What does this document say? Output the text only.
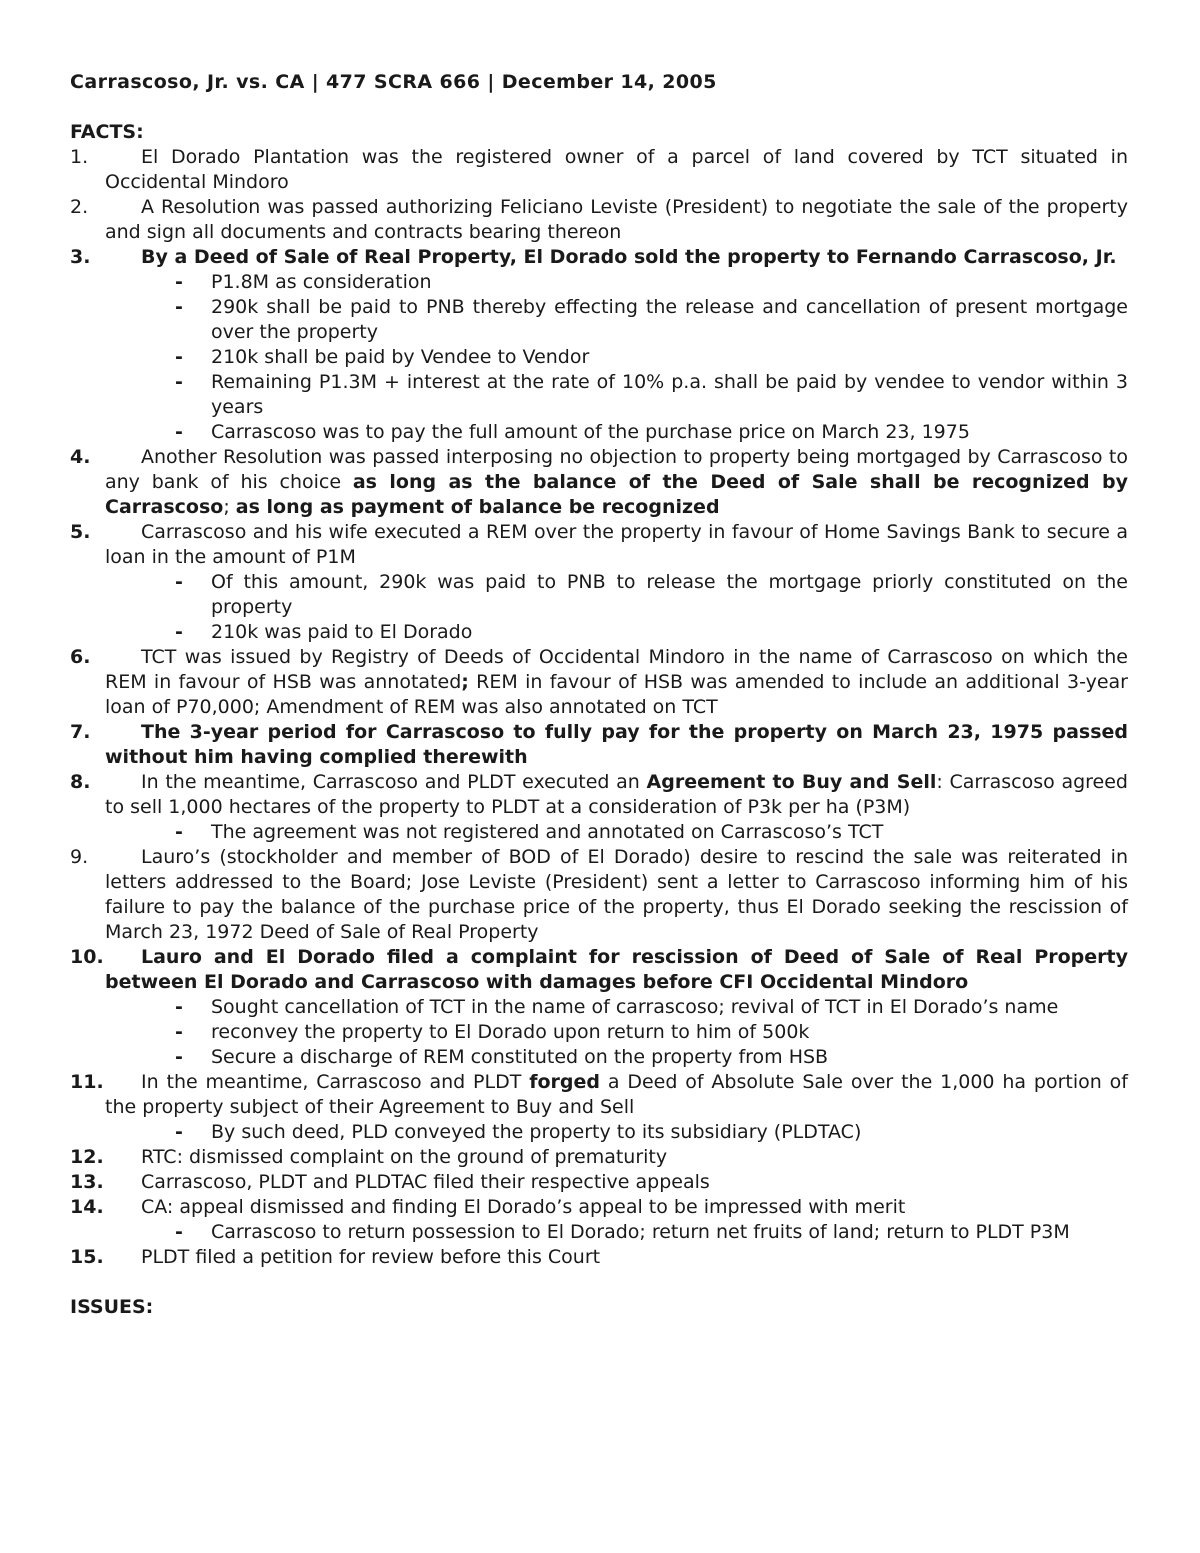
Carrascoso, Jr. vs. CA | 477 SCRA 666 | December 14, 2005
FACTS:
1.	El Dorado Plantation was the registered owner of a parcel of land covered by TCT situated in Occidental Mindoro
2.	A Resolution was passed authorizing Feliciano Leviste (President) to negotiate the sale of the property and sign all documents and contracts bearing thereon
3.	By a Deed of Sale of Real Property, El Dorado sold the property to Fernando Carrascoso, Jr.
- P1.8M as consideration
- 290k shall be paid to PNB thereby effecting the release and cancellation of present mortgage over the property
- 210k shall be paid by Vendee to Vendor
- Remaining P1.3M + interest at the rate of 10% p.a. shall be paid by vendee to vendor within 3 years
- Carrascoso was to pay the full amount of the purchase price on March 23, 1975
4.	Another Resolution was passed interposing no objection to property being mortgaged by Carrascoso to any bank of his choice as long as the balance of the Deed of Sale shall be recognized by Carrascoso; as long as payment of balance be recognized
5.	Carrascoso and his wife executed a REM over the property in favour of Home Savings Bank to secure a loan in the amount of P1M
- Of this amount, 290k was paid to PNB to release the mortgage priorly constituted on the property
- 210k was paid to El Dorado
6.	TCT was issued by Registry of Deeds of Occidental Mindoro in the name of Carrascoso on which the REM in favour of HSB was annotated; REM in favour of HSB was amended to include an additional 3-year loan of P70,000; Amendment of REM was also annotated on TCT
7.	The 3-year period for Carrascoso to fully pay for the property on March 23, 1975 passed without him having complied therewith
8.	In the meantime, Carrascoso and PLDT executed an Agreement to Buy and Sell: Carrascoso agreed to sell 1,000 hectares of the property to PLDT at a consideration of P3k per ha (P3M)
- The agreement was not registered and annotated on Carrascoso’s TCT
9.	Lauro’s (stockholder and member of BOD of El Dorado) desire to rescind the sale was reiterated in letters addressed to the Board; Jose Leviste (President) sent a letter to Carrascoso informing him of his failure to pay the balance of the purchase price of the property, thus El Dorado seeking the rescission of March 23, 1972 Deed of Sale of Real Property
10.	Lauro and El Dorado filed a complaint for rescission of Deed of Sale of Real Property between El Dorado and Carrascoso with damages before CFI Occidental Mindoro
- Sought cancellation of TCT in the name of carrascoso; revival of TCT in El Dorado’s name
- reconvey the property to El Dorado upon return to him of 500k
- Secure a discharge of REM constituted on the property from HSB
11.	In the meantime, Carrascoso and PLDT forged a Deed of Absolute Sale over the 1,000 ha portion of the property subject of their Agreement to Buy and Sell
- By such deed, PLD conveyed the property to its subsidiary (PLDTAC)
12.	RTC: dismissed complaint on the ground of prematurity
13.	Carrascoso, PLDT and PLDTAC filed their respective appeals
14.	CA: appeal dismissed and finding El Dorado’s appeal to be impressed with merit
- Carrascoso to return possession to El Dorado; return net fruits of land; return to PLDT P3M
15.	PLDT filed a petition for review before this Court
ISSUES:
